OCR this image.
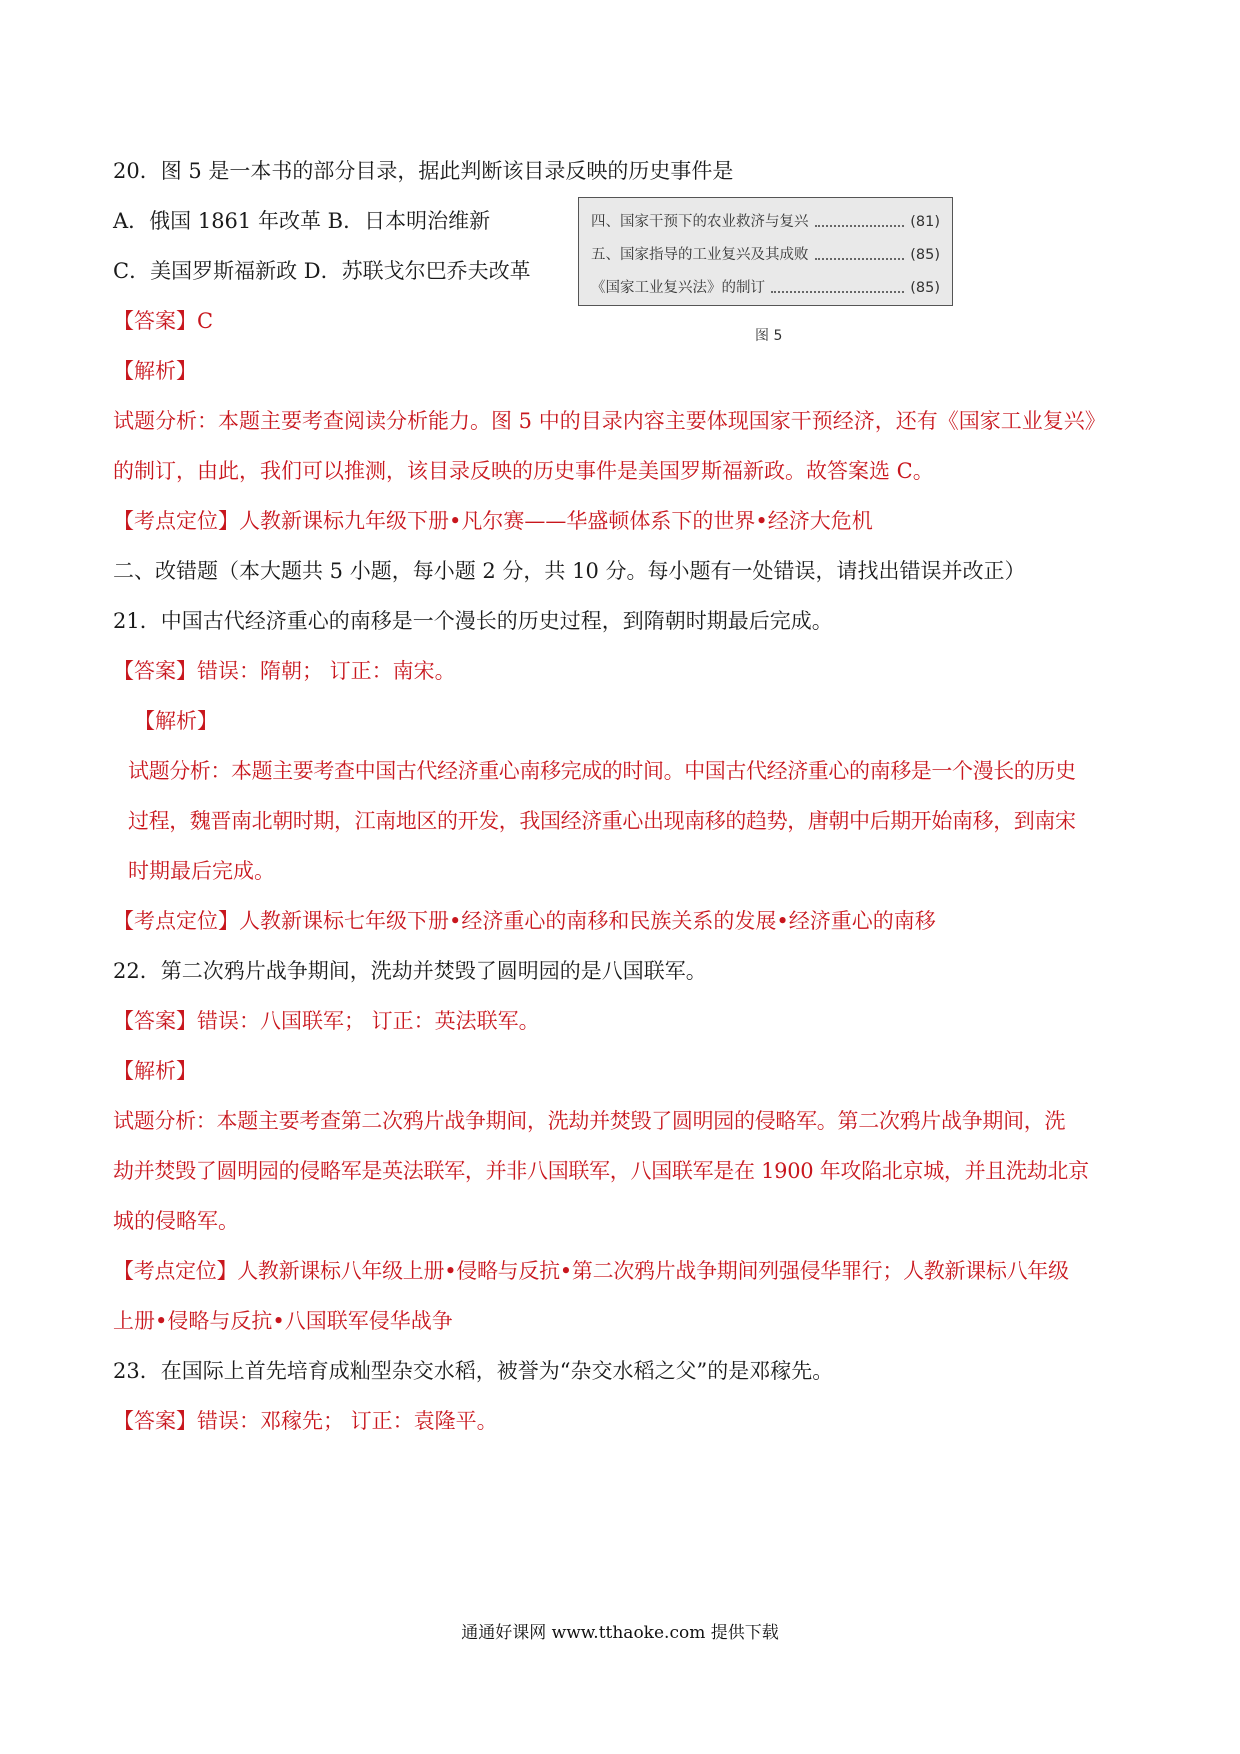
20．图 5 是一本书的部分目录，据此判断该目录反映的历史事件是
A．俄国 1861 年改革 B．日本明治维新
C．美国罗斯福新政 D．苏联戈尔巴乔夫改革
【答案】C
四、国家干预下的农业救济与复兴	(81)
五、国家指导的工业复兴及其成败	(85)
《国家工业复兴法》的制订	(85)
图 5
【解析】
试题分析：本题主要考查阅读分析能力。图 5 中的目录内容主要体现国家干预经济，还有《国家工业复兴》
的制订，由此，我们可以推测，该目录反映的历史事件是美国罗斯福新政。故答案选 C。
【考点定位】人教新课标九年级下册•凡尔赛——华盛顿体系下的世界•经济大危机
二、改错题（本大题共 5 小题，每小题 2 分，共 10 分。每小题有一处错误，请找出错误并改正）
21．中国古代经济重心的南移是一个漫长的历史过程，到隋朝时期最后完成。
【答案】错误：隋朝； 订正：南宋。
【解析】
试题分析：本题主要考查中国古代经济重心南移完成的时间。中国古代经济重心的南移是一个漫长的历史
过程，魏晋南北朝时期，江南地区的开发，我国经济重心出现南移的趋势，唐朝中后期开始南移，到南宋
时期最后完成。
【考点定位】人教新课标七年级下册•经济重心的南移和民族关系的发展•经济重心的南移
22．第二次鸦片战争期间，洗劫并焚毁了圆明园的是八国联军。
【答案】错误：八国联军； 订正：英法联军。
【解析】
试题分析：本题主要考查第二次鸦片战争期间，洗劫并焚毁了圆明园的侵略军。第二次鸦片战争期间，洗
劫并焚毁了圆明园的侵略军是英法联军，并非八国联军，八国联军是在 1900 年攻陷北京城，并且洗劫北京
城的侵略军。
【考点定位】人教新课标八年级上册•侵略与反抗•第二次鸦片战争期间列强侵华罪行；人教新课标八年级
上册•侵略与反抗•八国联军侵华战争
23．在国际上首先培育成籼型杂交水稻，被誉为“杂交水稻之父”的是邓稼先。
【答案】错误：邓稼先； 订正：袁隆平。
通通好课网 www.tthaoke.com 提供下载
